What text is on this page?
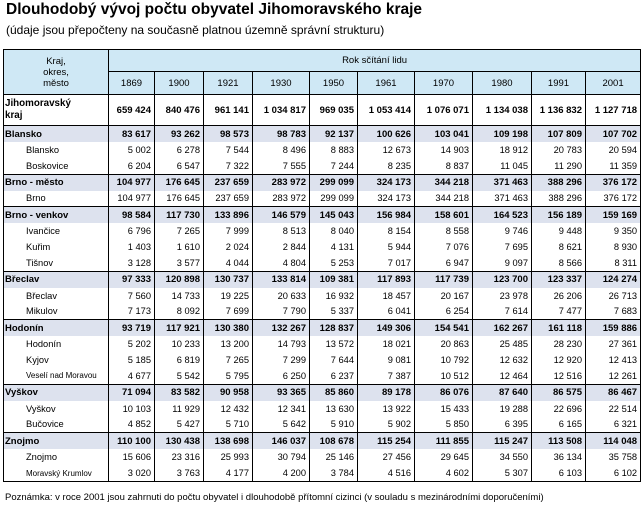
Dlouhodobý vývoj počtu obyvatel Jihomoravského kraje
(údaje jsou přepočteny na současně platnou územně správní strukturu)
Kraj,
okres,
město	Rok sčítání lidu									
	1869	1900	1921	1930	1950	1961	1970	1980	1991	2001
Jihomoravský
kraj	659 424	840 476	961 141	1 034 817	969 035	1 053 414	1 076 071	1 134 038	1 136 832	1 127 718
Blansko	83 617	93 262	98 573	98 783	92 137	100 626	103 041	109 198	107 809	107 702
Blansko	5 002	6 278	7 544	8 496	8 883	12 673	14 903	18 912	20 783	20 594
Boskovice	6 204	6 547	7 322	7 555	7 244	8 235	8 837	11 045	11 290	11 359
Brno - město	104 977	176 645	237 659	283 972	299 099	324 173	344 218	371 463	388 296	376 172
Brno	104 977	176 645	237 659	283 972	299 099	324 173	344 218	371 463	388 296	376 172
Brno - venkov	98 584	117 730	133 896	146 579	145 043	156 984	158 601	164 523	156 189	159 169
Ivančice	6 796	7 265	7 999	8 513	8 040	8 154	8 558	9 746	9 448	9 350
Kuřim	1 403	1 610	2 024	2 844	4 131	5 944	7 076	7 695	8 621	8 930
Tišnov	3 128	3 577	4 044	4 804	5 253	7 017	6 947	9 097	8 566	8 311
Břeclav	97 333	120 898	130 737	133 814	109 381	117 893	117 739	123 700	123 337	124 274
Břeclav	7 560	14 733	19 225	20 633	16 932	18 457	20 167	23 978	26 206	26 713
Mikulov	7 173	8 092	7 699	7 790	5 337	6 041	6 254	7 614	7 477	7 683
Hodonín	93 719	117 921	130 380	132 267	128 837	149 306	154 541	162 267	161 118	159 886
Hodonín	5 202	10 233	13 200	14 793	13 572	18 021	20 863	25 485	28 230	27 361
Kyjov	5 185	6 819	7 265	7 299	7 644	9 081	10 792	12 632	12 920	12 413
Veselí nad Moravou	4 677	5 542	5 795	6 250	6 237	7 387	10 512	12 464	12 516	12 261
Vyškov	71 094	83 582	90 958	93 365	85 860	89 178	86 076	87 640	86 575	86 467
Vyškov	10 103	11 929	12 432	12 341	13 630	13 922	15 433	19 288	22 696	22 514
Bučovice	4 852	5 427	5 710	5 642	5 910	5 902	5 850	6 395	6 165	6 321
Znojmo	110 100	130 438	138 698	146 037	108 678	115 254	111 855	115 247	113 508	114 048
Znojmo	15 606	23 316	25 993	30 794	25 146	27 456	29 645	34 550	36 134	35 758
Moravský Krumlov	3 020	3 763	4 177	4 200	3 784	4 516	4 602	5 307	6 103	6 102
Poznámka: v roce 2001 jsou zahrnuti do počtu obyvatel i dlouhodobě přítomní cizinci (v souladu s mezinárodními doporučeními)
